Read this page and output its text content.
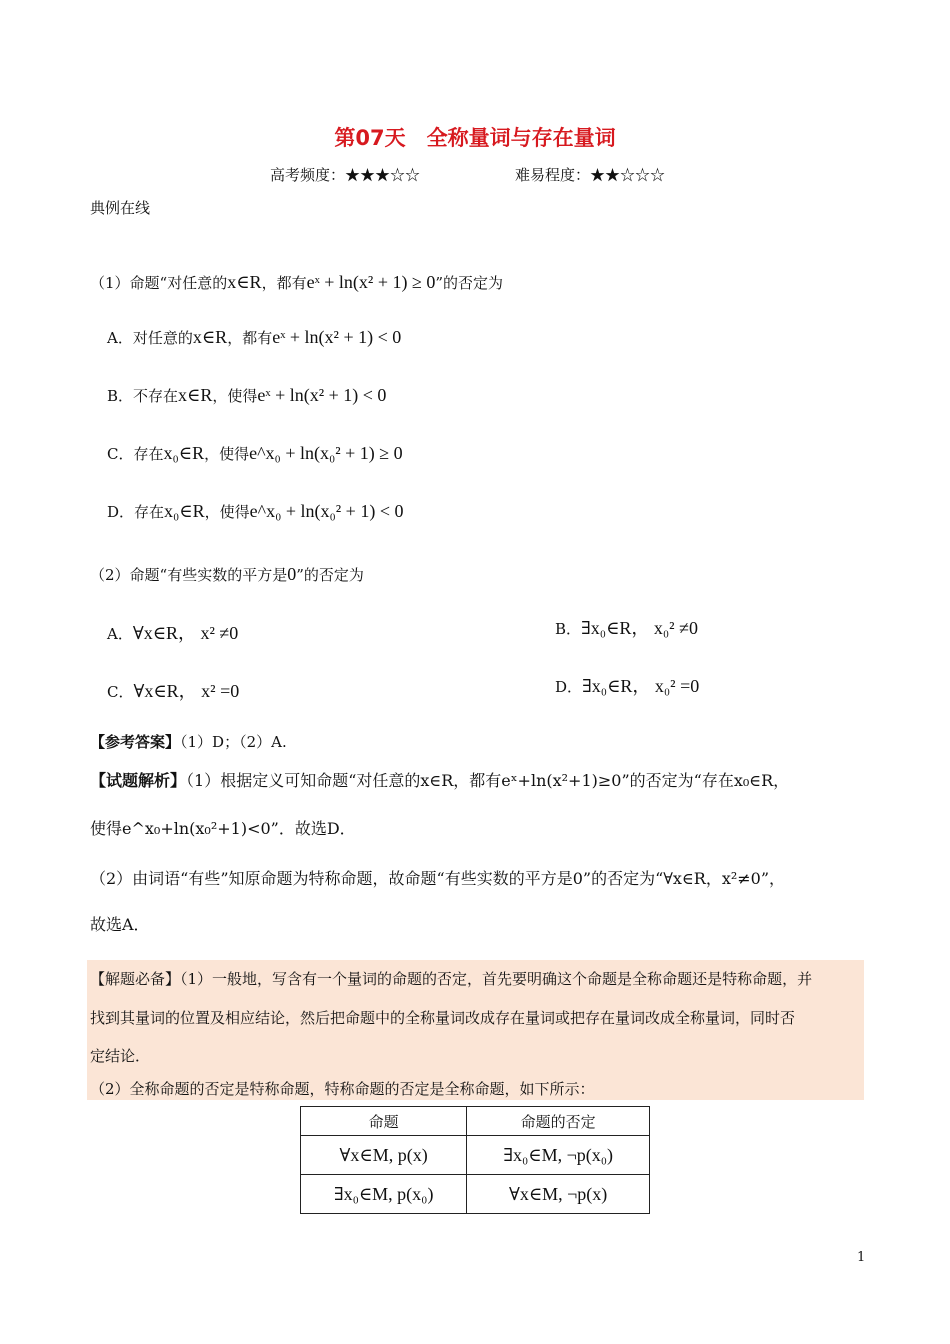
第07天　全称量词与存在量词
高考频度：★★★☆☆	难易程度：★★☆☆☆
典例在线
（1）命题“对任意的x∈R，都有eˣ + ln(x² + 1) ≥ 0”的否定为
A．对任意的x∈R，都有eˣ + ln(x² + 1) < 0
B．不存在x∈R，使得eˣ + ln(x² + 1) < 0
C．存在x₀∈R，使得e^x₀ + ln(x₀² + 1) ≥ 0
D．存在x₀∈R，使得e^x₀ + ln(x₀² + 1) < 0
（2）命题“有些实数的平方是0”的否定为
A．∀x∈R， x² ≠0	B．∃x₀∈R， x₀² ≠0
C．∀x∈R， x² =0	D．∃x₀∈R， x₀² =0
【参考答案】（1）D；（2）A.
【试题解析】（1）根据定义可知命题“对任意的x∈R，都有eˣ+ln(x²+1)≥0”的否定为“存在x₀∈R，
使得e^x₀+ln(x₀²+1)<0”．故选D．
（2）由词语“有些”知原命题为特称命题，故命题“有些实数的平方是0”的否定为“∀x∈R，x²≠0”，
故选A．
【解题必备】（1）一般地，写含有一个量词的命题的否定，首先要明确这个命题是全称命题还是特称命题，并
找到其量词的位置及相应结论，然后把命题中的全称量词改成存在量词或把存在量词改成全称量词，同时否
定结论．
（2）全称命题的否定是特称命题，特称命题的否定是全称命题，如下所示：
命题	命题的否定
∀x∈M, p(x)	∃x₀∈M, ¬p(x₀)
∃x₀∈M, p(x₀)	∀x∈M, ¬p(x)
1
